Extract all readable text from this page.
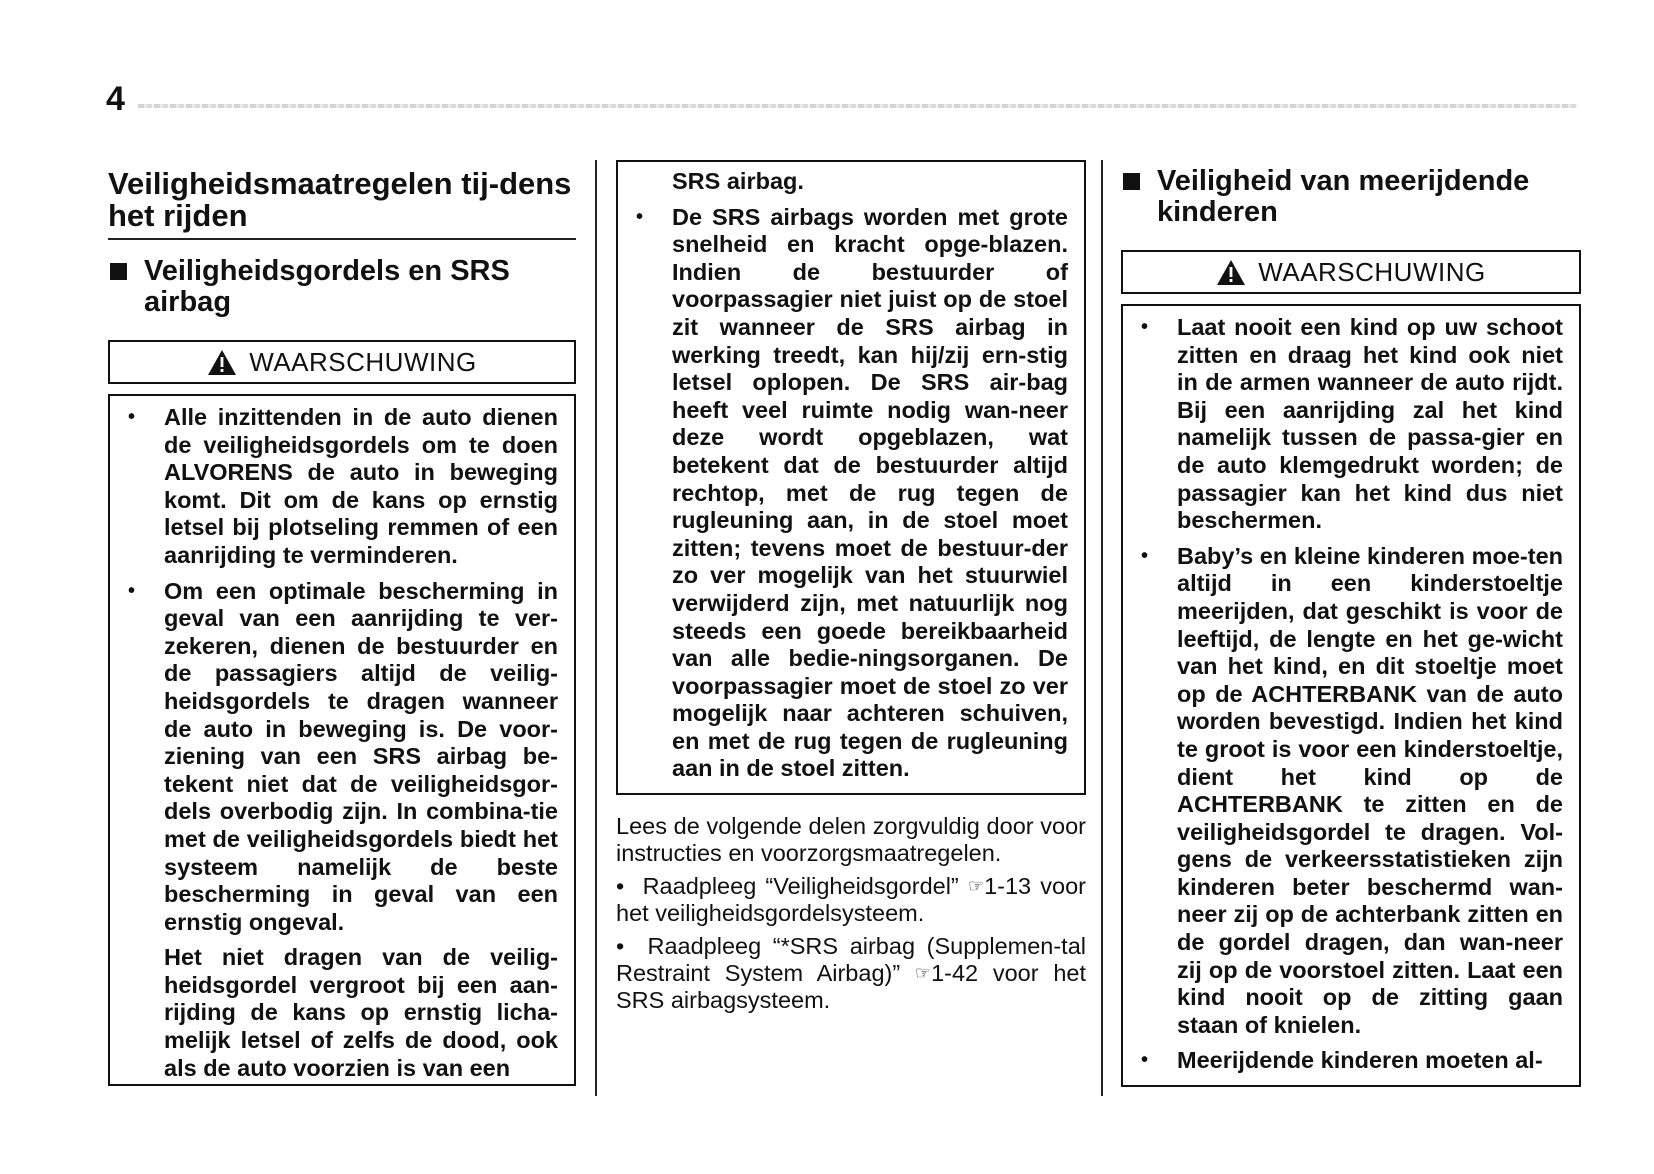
4
Veiligheidsmaatregelen tij-dens het rijden
Veiligheidsgordels en SRS airbag
WAARSCHUWING
•	Alle inzittenden in de auto dienen de veiligheidsgordels om te doen ALVORENS de auto in beweging komt. Dit om de kans op ernstig letsel bij plotseling remmen of een aanrijding te verminderen.
•	Om een optimale bescherming in geval van een aanrijding te ver-zekeren, dienen de bestuurder en de passagiers altijd de veilig-heidsgordels te dragen wanneer de auto in beweging is. De voor-ziening van een SRS airbag be-tekent niet dat de veiligheidsgor-dels overbodig zijn. In combina-tie met de veiligheidsgordels biedt het systeem namelijk de beste bescherming in geval van een ernstig ongeval.
Het niet dragen van de veilig-heidsgordel vergroot bij een aan-rijding de kans op ernstig licha-melijk letsel of zelfs de dood, ook als de auto voorzien is van een
SRS airbag.
•	De SRS airbags worden met grote snelheid en kracht opge-blazen. Indien de bestuurder of voorpassagier niet juist op de stoel zit wanneer de SRS airbag in werking treedt, kan hij/zij ern-stig letsel oplopen. De SRS air-bag heeft veel ruimte nodig wan-neer deze wordt opgeblazen, wat betekent dat de bestuurder altijd rechtop, met de rug tegen de rugleuning aan, in de stoel moet zitten; tevens moet de bestuur-der zo ver mogelijk van het stuurwiel verwijderd zijn, met natuurlijk nog steeds een goede bereikbaarheid van alle bedie-ningsorganen. De voorpassagier moet de stoel zo ver mogelijk naar achteren schuiven, en met de rug tegen de rugleuning aan in de stoel zitten.
Lees de volgende delen zorgvuldig door voor instructies en voorzorgsmaatregelen.
• Raadpleeg “Veiligheidsgordel” ☞1-13 voor het veiligheidsgordelsysteem.
• Raadpleeg “*SRS airbag (Supplemen-tal Restraint System Airbag)” ☞1-42 voor het SRS airbagsysteem.
Veiligheid van meerijdende kinderen
WAARSCHUWING
•	Laat nooit een kind op uw schoot zitten en draag het kind ook niet in de armen wanneer de auto rijdt. Bij een aanrijding zal het kind namelijk tussen de passa-gier en de auto klemgedrukt worden; de passagier kan het kind dus niet beschermen.
•	Baby’s en kleine kinderen moe-ten altijd in een kinderstoeltje meerijden, dat geschikt is voor de leeftijd, de lengte en het ge-wicht van het kind, en dit stoeltje moet op de ACHTERBANK van de auto worden bevestigd. Indien het kind te groot is voor een kinderstoeltje, dient het kind op de ACHTERBANK te zitten en de veiligheidsgordel te dragen. Vol-gens de verkeersstatistieken zijn kinderen beter beschermd wan-neer zij op de achterbank zitten en de gordel dragen, dan wan-neer zij op de voorstoel zitten. Laat een kind nooit op de zitting gaan staan of knielen.
•	Meerijdende kinderen moeten al-
